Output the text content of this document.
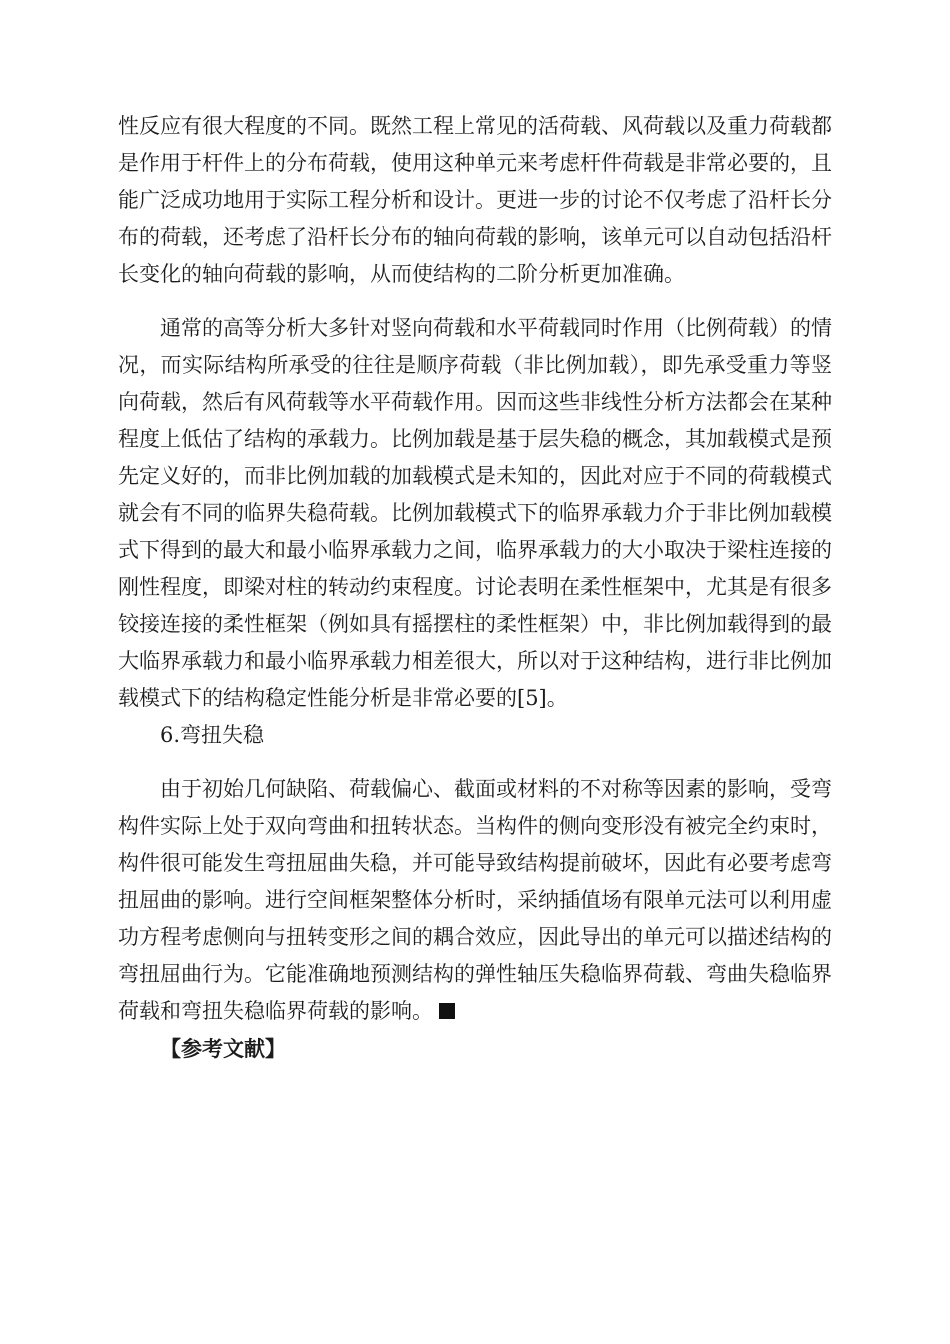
性反应有很大程度的不同。既然工程上常见的活荷载、风荷载以及重力荷载都是作用于杆件上的分布荷载，使用这种单元来考虑杆件荷载是非常必要的，且能广泛成功地用于实际工程分析和设计。更进一步的讨论不仅考虑了沿杆长分布的荷载，还考虑了沿杆长分布的轴向荷载的影响，该单元可以自动包括沿杆长变化的轴向荷载的影响，从而使结构的二阶分析更加准确。

通常的高等分析大多针对竖向荷载和水平荷载同时作用（比例荷载）的情况，而实际结构所承受的往往是顺序荷载（非比例加载），即先承受重力等竖向荷载，然后有风荷载等水平荷载作用。因而这些非线性分析方法都会在某种程度上低估了结构的承载力。比例加载是基于层失稳的概念，其加载模式是预先定义好的，而非比例加载的加载模式是未知的，因此对应于不同的荷载模式就会有不同的临界失稳荷载。比例加载模式下的临界承载力介于非比例加载模式下得到的最大和最小临界承载力之间，临界承载力的大小取决于梁柱连接的刚性程度，即梁对柱的转动约束程度。讨论表明在柔性框架中，尤其是有很多铰接连接的柔性框架（例如具有摇摆柱的柔性框架）中，非比例加载得到的最大临界承载力和最小临界承载力相差很大，所以对于这种结构，进行非比例加载模式下的结构稳定性能分析是非常必要的[5]。

6.弯扭失稳

由于初始几何缺陷、荷载偏心、截面或材料的不对称等因素的影响，受弯构件实际上处于双向弯曲和扭转状态。当构件的侧向变形没有被完全约束时，构件很可能发生弯扭屈曲失稳，并可能导致结构提前破坏，因此有必要考虑弯扭屈曲的影响。进行空间框架整体分析时，采纳插值场有限单元法可以利用虚功方程考虑侧向与扭转变形之间的耦合效应，因此导出的单元可以描述结构的弯扭屈曲行为。它能准确地预测结构的弹性轴压失稳临界荷载、弯曲失稳临界荷载和弯扭失稳临界荷载的影响。

【参考文献】
